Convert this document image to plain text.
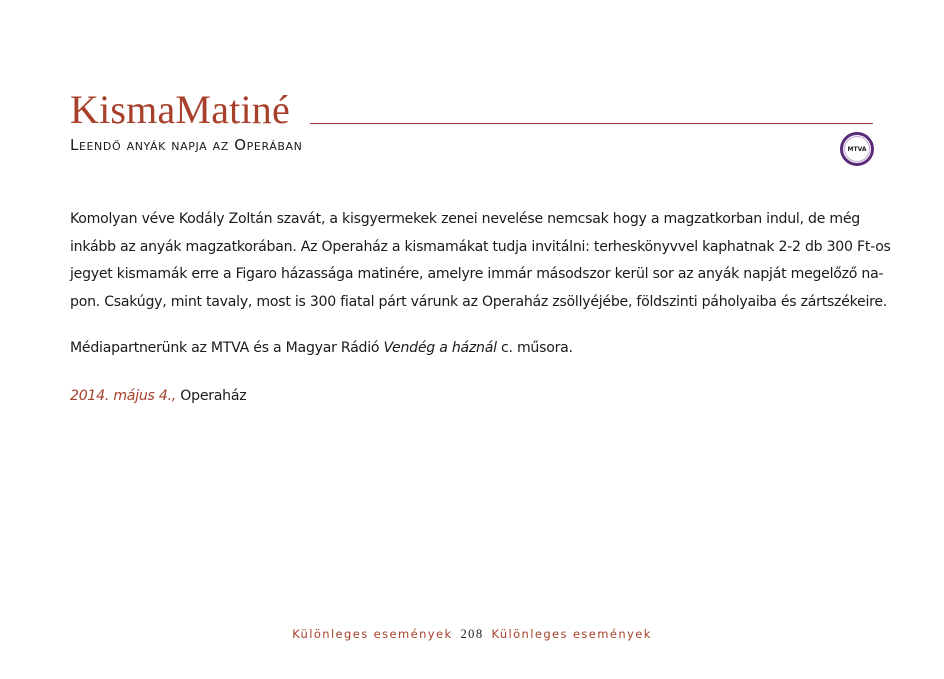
KismaMatiné
Leendő anyák napja az Operában	MTVA
Komolyan véve Kodály Zoltán szavát, a kisgyermekek zenei nevelése nemcsak hogy a magzatkorban indul, de még
inkább az anyák magzatkorában. Az Operaház a kismamákat tudja invitálni: terheskönyvvel kaphatnak 2-2 db 300 Ft-os
jegyet kismamák erre a Figaro házassága matinére, amelyre immár másodszor kerül sor az anyák napját megelőző na-
pon. Csakúgy, mint tavaly, most is 300 fiatal párt várunk az Operaház zsöllyéjébe, földszinti páholyaiba és zártszékeire.
Médiapartnerünk az MTVA és a Magyar Rádió Vendég a háznál c. műsora.
2014. május 4., Operaház
Különleges események 208 Különleges események
